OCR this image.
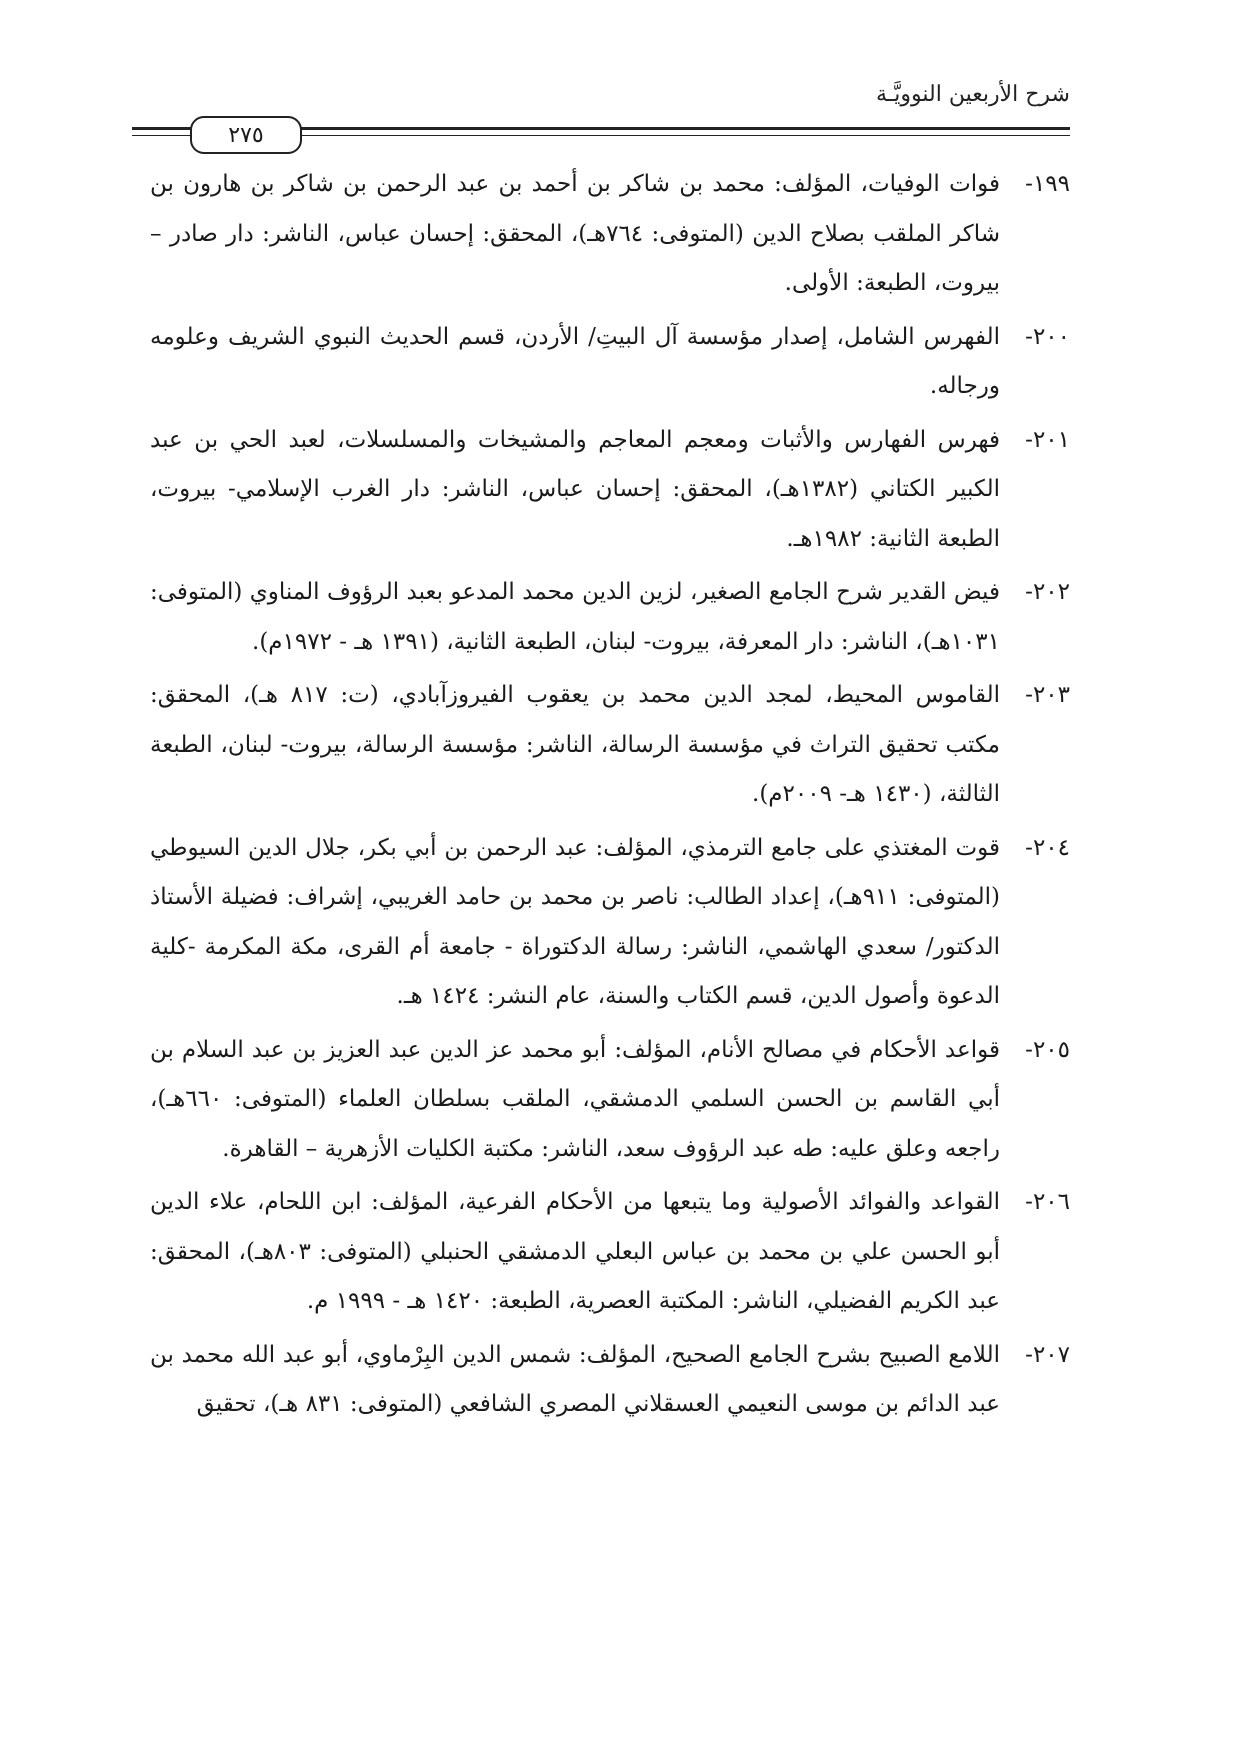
شرح الأربعين النوويَّـة
٢٧٥
١٩٩-
فوات الوفيات، المؤلف: محمد بن شاكر بن أحمد بن عبد الرحمن بن شاكر بن هارون بن شاكر الملقب بصلاح الدين (المتوفى: ٧٦٤هـ)، المحقق: إحسان عباس، الناشر: دار صادر – بيروت، الطبعة: الأولى.
٢٠٠-
الفهرس الشامل، إصدار مؤسسة آل البيتِ/ الأردن، قسم الحديث النبوي الشريف وعلومه ورجاله.
٢٠١-
فهرس الفهارس والأثبات ومعجم المعاجم والمشيخات والمسلسلات، لعبد الحي بن عبد الكبير الكتاني (١٣٨٢هـ)، المحقق: إحسان عباس، الناشر: دار الغرب الإسلامي- بيروت، الطبعة الثانية: ١٩٨٢هـ.
٢٠٢-
فيض القدير شرح الجامع الصغير، لزين الدين محمد المدعو بعبد الرؤوف المناوي (المتوفى: ١٠٣١هـ)، الناشر: دار المعرفة، بيروت- لبنان، الطبعة الثانية، (١٣٩١ هـ - ١٩٧٢م).
٢٠٣-
القاموس المحيط، لمجد الدين محمد بن يعقوب الفيروزآبادي، (ت: ٨١٧ هـ)، المحقق: مكتب تحقيق التراث في مؤسسة الرسالة، الناشر: مؤسسة الرسالة، بيروت- لبنان، الطبعة الثالثة، (١٤٣٠ هـ- ٢٠٠٩م).
٢٠٤-
قوت المغتذي على جامع الترمذي، المؤلف: عبد الرحمن بن أبي بكر، جلال الدين السيوطي (المتوفى: ٩١١هـ)، إعداد الطالب: ناصر بن محمد بن حامد الغريبي، إشراف: فضيلة الأستاذ الدكتور/ سعدي الهاشمي، الناشر: رسالة الدكتوراة - جامعة أم القرى، مكة المكرمة -كلية الدعوة وأصول الدين، قسم الكتاب والسنة، عام النشر: ١٤٢٤ هـ.
٢٠٥-
قواعد الأحكام في مصالح الأنام، المؤلف: أبو محمد عز الدين عبد العزيز بن عبد السلام بن أبي القاسم بن الحسن السلمي الدمشقي، الملقب بسلطان العلماء (المتوفى: ٦٦٠هـ)، راجعه وعلق عليه: طه عبد الرؤوف سعد، الناشر: مكتبة الكليات الأزهرية – القاهرة.
٢٠٦-
القواعد والفوائد الأصولية وما يتبعها من الأحكام الفرعية، المؤلف: ابن اللحام، علاء الدين أبو الحسن علي بن محمد بن عباس البعلي الدمشقي الحنبلي (المتوفى: ٨٠٣هـ)، المحقق: عبد الكريم الفضيلي، الناشر: المكتبة العصرية، الطبعة: ١٤٢٠ هـ - ١٩٩٩ م.
٢٠٧-
اللامع الصبيح بشرح الجامع الصحيح، المؤلف: شمس الدين البِرْماوي، أبو عبد الله محمد بن عبد الدائم بن موسى النعيمي العسقلاني المصري الشافعي (المتوفى: ٨٣١ هـ)، تحقيق
